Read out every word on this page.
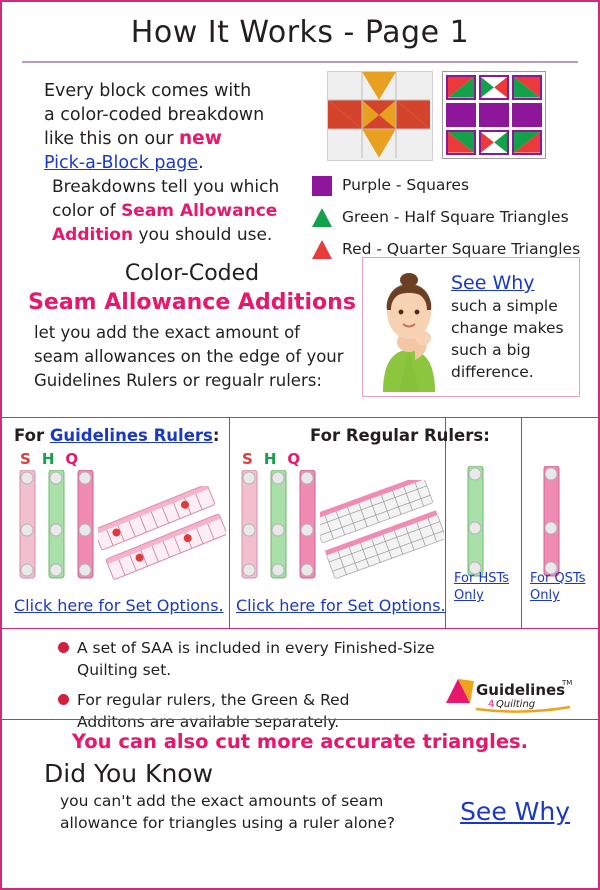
How It Works - Page 1
Every block comes with
a color-coded breakdown
like this on our new
Pick-a-Block page.
Breakdowns tell you which
color of Seam Allowance
Addition you should use.
Purple - Squares
Green - Half Square Triangles
Red - Quarter Square Triangles
Color-Coded
Seam Allowance Additions
let you add the exact amount of
seam allowances on the edge of your
Guidelines Rulers or regualr rulers:
See Why
such a simple
change makes
such a big
difference.
For Guidelines Rulers:	For Regular Rulers:
SHQ	SHQ
Click here for Set Options. Click here for Set Options.
For HSTs
Only
For QSTs
Only
A set of SAA is included in every Finished-Size Quilting set.
For regular rulers, the Green & Red
Additons are available separately.
Guidelines
TM
4 Quilting
You can also cut more accurate triangles.
Did You Know
you can't add the exact amounts of seam
allowance for triangles using a ruler alone?	See Why
